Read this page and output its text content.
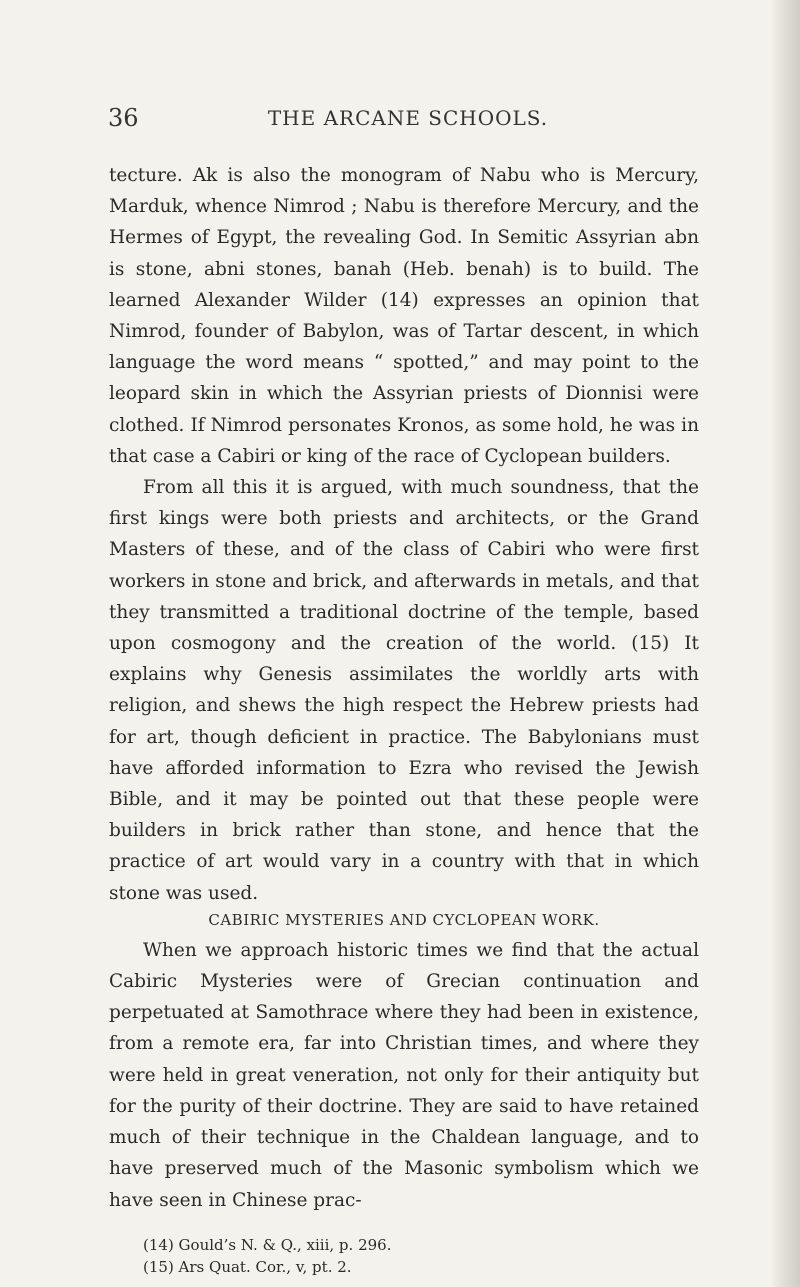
36	THE ARCANE SCHOOLS.

tecture. Ak is also the monogram of Nabu who is Mercury, Marduk, whence Nimrod ; Nabu is therefore Mercury, and the Hermes of Egypt, the revealing God. In Semitic Assyrian abn is stone, abni stones, banah (Heb. benah) is to build. The learned Alexander Wilder (14) expresses an opinion that Nimrod, founder of Babylon, was of Tartar descent, in which language the word means “ spotted,” and may point to the leopard skin in which the Assyrian priests of Dionnisi were clothed. If Nimrod personates Kronos, as some hold, he was in that case a Cabiri or king of the race of Cyclopean builders.

From all this it is argued, with much soundness, that the first kings were both priests and architects, or the Grand Masters of these, and of the class of Cabiri who were first workers in stone and brick, and afterwards in metals, and that they transmitted a traditional doctrine of the temple, based upon cosmogony and the creation of the world. (15) It explains why Genesis assimilates the worldly arts with religion, and shews the high respect the Hebrew priests had for art, though deficient in practice. The Babylonians must have afforded information to Ezra who revised the Jewish Bible, and it may be pointed out that these people were builders in brick rather than stone, and hence that the practice of art would vary in a country with that in which stone was used.

CABIRIC MYSTERIES AND CYCLOPEAN WORK.

When we approach historic times we find that the actual Cabiric Mysteries were of Grecian continuation and perpetuated at Samothrace where they had been in existence, from a remote era, far into Christian times, and where they were held in great veneration, not only for their antiquity but for the purity of their doctrine. They are said to have retained much of their technique in the Chaldean language, and to have preserved much of the Masonic symbolism which we have seen in Chinese prac-

(14) Gould’s N. & Q., xiii, p. 296.
(15) Ars Quat. Cor., v, pt. 2.
